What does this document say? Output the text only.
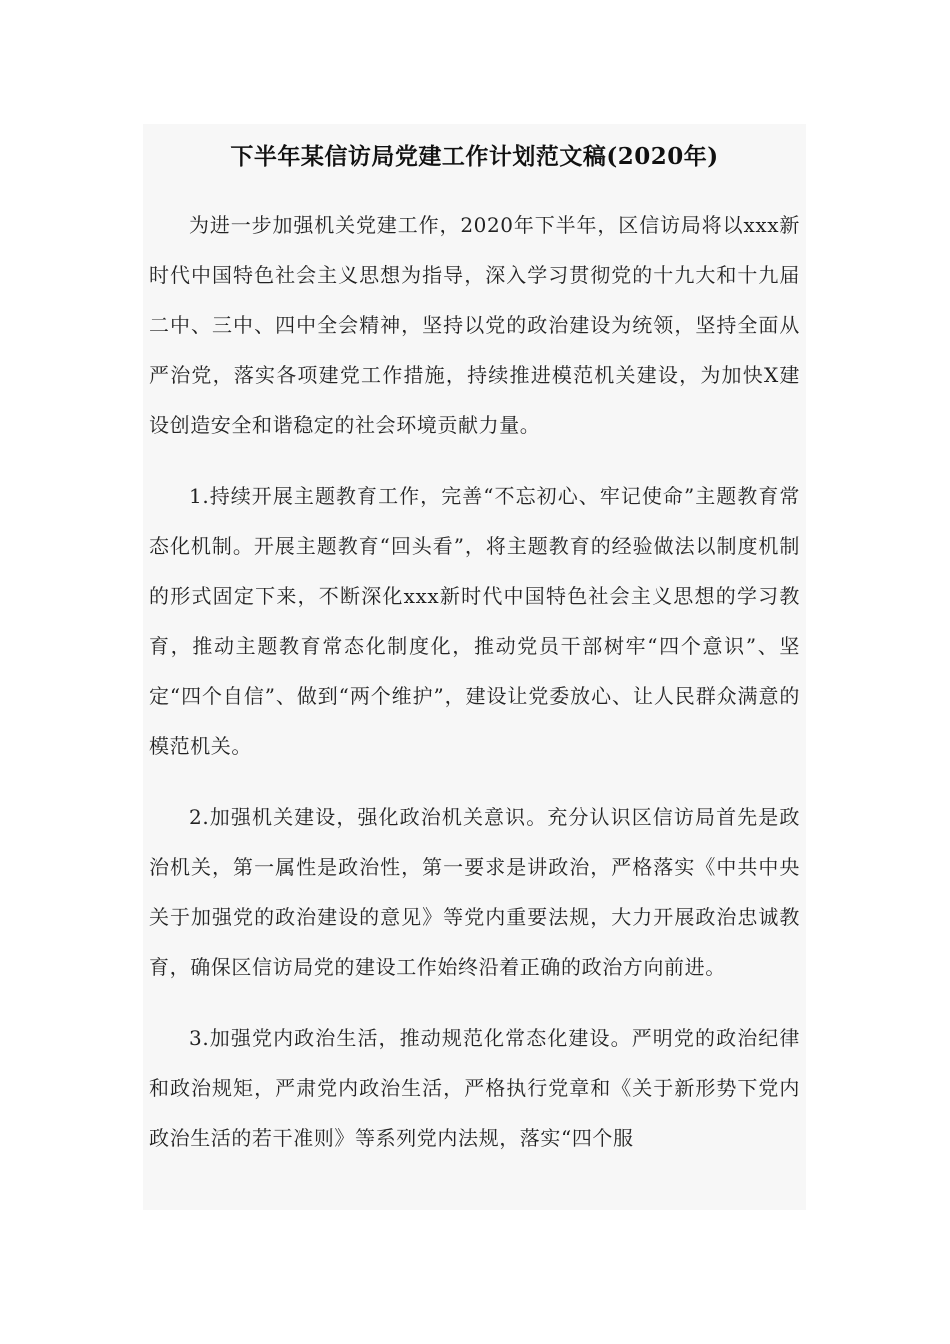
下半年某信访局党建工作计划范文稿(2020年)

为进一步加强机关党建工作，2020年下半年，区信访局将以xxx新时代中国特色社会主义思想为指导，深入学习贯彻党的十九大和十九届二中、三中、四中全会精神，坚持以党的政治建设为统领，坚持全面从严治党，落实各项建党工作措施，持续推进模范机关建设，为加快X建设创造安全和谐稳定的社会环境贡献力量。

1.持续开展主题教育工作，完善“不忘初心、牢记使命”主题教育常态化机制。开展主题教育“回头看”，将主题教育的经验做法以制度机制的形式固定下来，不断深化xxx新时代中国特色社会主义思想的学习教育，推动主题教育常态化制度化，推动党员干部树牢“四个意识”、坚定“四个自信”、做到“两个维护”，建设让党委放心、让人民群众满意的模范机关。

2.加强机关建设，强化政治机关意识。充分认识区信访局首先是政治机关，第一属性是政治性，第一要求是讲政治，严格落实《中共中央关于加强党的政治建设的意见》等党内重要法规，大力开展政治忠诚教育，确保区信访局党的建设工作始终沿着正确的政治方向前进。

3.加强党内政治生活，推动规范化常态化建设。严明党的政治纪律和政治规矩，严肃党内政治生活，严格执行党章和《关于新形势下党内政治生活的若干准则》等系列党内法规，落实“四个服
